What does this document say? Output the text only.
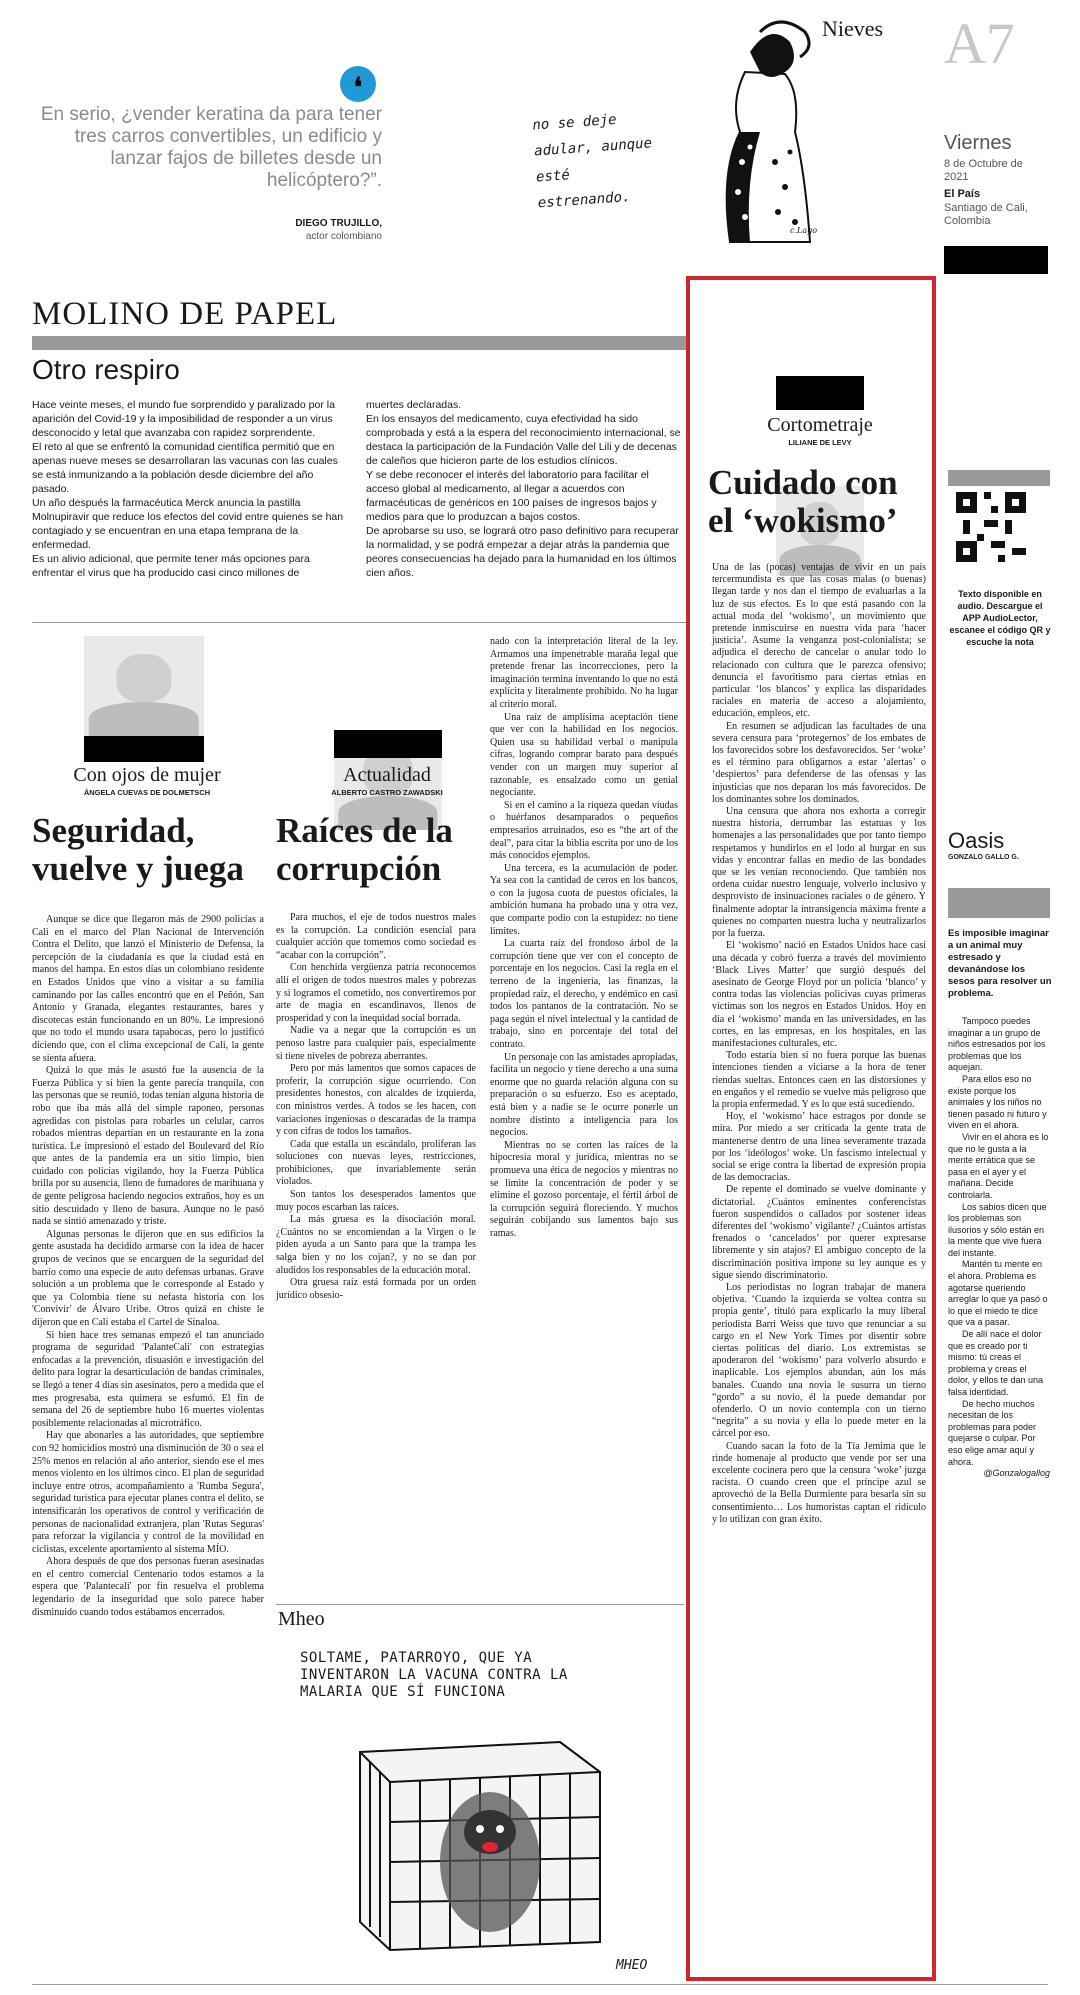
❛
En serio, ¿vender keratina da para tener tres carros convertibles, un edificio y lanzar fajos de billetes desde un helicóptero?”.
DIEGO TRUJILLO,
actor colombiano
Nieves
no se deje adular, aunque esté estrenando.
c.Lago
A7
Viernes
8 de Octubre de 2021
El País
Santiago de Cali, Colombia
MOLINO DE PAPEL
Otro respiro

Hace veinte meses, el mundo fue sorprendido y paralizado por la aparición del Covid-19 y la imposibilidad de responder a un virus desconocido y letal que avanzaba con rapidez sorprendente.

El reto al que se enfrentó la comunidad científica permitió que en apenas nueve meses se desarrollaran las vacunas con las cuales se está inmunizando a la población desde diciembre del año pasado.

Un año después la farmacéutica Merck anuncia la pastilla Molnupiravir que reduce los efectos del covid entre quienes se han contagiado y se encuentran en una etapa temprana de la enfermedad.

Es un alivio adicional, que permite tener más opciones para enfrentar el virus que ha producido casi cinco millones de

muertes declaradas.

En los ensayos del medicamento, cuya efectividad ha sido comprobada y está a la espera del reconocimiento internacional, se destaca la participación de la Fundación Valle del Lili y de decenas de caleños que hicieron parte de los estudios clínicos.

Y se debe reconocer el interés del laboratorio para facilitar el acceso global al medicamento, al llegar a acuerdos con farmacéuticas de genéricos en 100 países de ingresos bajos y medios para que lo produzcan a bajos costos.

De aprobarse su uso, se logrará otro paso definitivo para recuperar la normalidad, y se podrá empezar a dejar atrás la pandemia que peores consecuencias ha dejado para la humanidad en los últimos cien años.

Con ojos de mujer
ÁNGELA CUEVAS DE DOLMETSCH
Seguridad, vuelve y juega

Aunque se dice que llegaron más de 2900 policías a Cali en el marco del Plan Nacional de Intervención Contra el Delito, que lanzó el Ministerio de Defensa, la percepción de la ciudadanía es que la ciudad está en manos del hampa. En estos días un colombiano residente en Estados Unidos que vino a visitar a su familia caminando por las calles encontró que en el Peñón, San Antonio y Granada, elegantes restaurantes, bares y discotecas están funcionando en un 80%. Le impresionó que no todo el mundo usara tapabocas, pero lo justificó diciendo que, con el clima excepcional de Cali, la gente se sienta afuera.

Quizá lo que más le asustó fue la ausencia de la Fuerza Pública y sí bien la gente parecía tranquila, con las personas que se reunió, todas tenían alguna historia de robo que iba más allá del simple raponeo, personas agredidas con pistolas para robarles un celular, carros robados mientras departían en un restaurante en la zona turística. Le impresionó el estado del Boulevard del Río que antes de la pandemia era un sitio limpio, bien cuidado con policías vigilando, hoy la Fuerza Pública brilla por su ausencia, lleno de fumadores de marihuana y de gente peligrosa haciendo negocios extraños, hoy es un sitio descuidado y lleno de basura. Aunque no le pasó nada se sintió amenazado y triste.

Algunas personas le dijeron que en sus edificios la gente asustada ha decidido armarse con la idea de hacer grupos de vecinos que se encarguen de la seguridad del barrio como una especie de auto defensas urbanas. Grave solución a un problema que le corresponde al Estado y que ya Colombia tiene su nefasta historia con los 'Convivir' de Álvaro Uribe. Otros quizá en chiste le dijeron que en Cali estaba el Cartel de Sinaloa.

Si bien hace tres semanas empezó el tan anunciado programa de seguridad 'PalanteCali' con estrategias enfocadas a la prevención, disuasión e investigación del delito para lograr la desarticulación de bandas criminales, se llegó a tener 4 días sin asesinatos, pero a medida que el mes progresaba, esta quimera se esfumó. El fin de semana del 26 de septiembre hubo 16 muertes violentas posiblemente relacionadas al microtráfico.

Hay que abonarles a las autoridades, que septiembre con 92 homicidios mostró una disminución de 30 o sea el 25% menos en relación al año anterior, siendo ese el mes menos violento en los últimos cinco. El plan de seguridad incluye entre otros, acompañamiento a 'Rumba Segura', seguridad turística para ejecutar planes contra el delito, se intensificarán los operativos de control y verificación de personas de nacionalidad extranjera, plan 'Rutas Seguras' para reforzar la vigilancia y control de la movilidad en ciclistas, excelente aportamiento al sistema MÍO.

Ahora después de que dos personas fueran asesinadas en el centro comercial Centenario todos estamos a la espera que 'Palantecali' por fin resuelva el problema legendario de la inseguridad que solo parece haber disminuido cuando todos estábamos encerrados.

Actualidad
ALBERTO CASTRO ZAWADSKI
Raíces de la corrupción

Para muchos, el eje de todos nuestros males es la corrupción. La condición esencial para cualquier acción que tomemos como sociedad es “acabar con la corrupción”.

Con henchida vergüenza patria reconocemos allí el origen de todos nuestros males y pobrezas y si logramos el cometido, nos convertiremos por arte de magia en escandinavos, llenos de prosperidad y con la inequidad social borrada.

Nadie va a negar que la corrupción es un penoso lastre para cualquier país, especialmente si tiene niveles de pobreza aberrantes.

Pero por más lamentos que somos capaces de proferir, la corrupción sigue ocurriendo. Con presidentes honestos, con alcaldes de izquierda, con ministros verdes. A todos se les hacen, con variaciones ingeniosas o descaradas de la trampa y con cifras de todos los tamaños.

Cada que estalla un escándalo, proliferan las soluciones con nuevas leyes, restricciones, prohibiciones, que invariablemente serán violados.

Son tantos los desesperados lamentos que muy pocos escarban las raíces.

La más gruesa es la disociación moral. ¿Cuántos no se encomiendan a la Virgen o le piden ayuda a un Santo para que la trampa les salga bien y no los cojan?, y no se dan por aludidos los responsables de la educación moral.

Otra gruesa raíz está formada por un orden jurídico obsesio-

nado con la interpretación literal de la ley. Armamos una impenetrable maraña legal que pretende frenar las incorrecciones, pero la imaginación termina inventando lo que no está explícita y literalmente prohibido. No ha lugar al criterio moral.

Una raíz de amplísima aceptación tiene que ver con la habilidad en los negocios. Quien usa su habilidad verbal o manipula cifras, logrando comprar barato para después vender con un margen muy superior al razonable, es ensalzado como un genial negociante.

Si en el camino a la riqueza quedan viudas o huérfanos desamparados o pequeños empresarios arruinados, eso es “the art of the deal”, para citar la biblia escrita por uno de los más conocidos ejemplos.

Una tercera, es la acumulación de poder. Ya sea con la cantidad de ceros en los bancos, o con la jugosa cuota de puestos oficiales, la ambición humana ha probado una y otra vez, que comparte podio con la estupidez: no tiene límites.

La cuarta raíz del frondoso árbol de la corrupción tiene que ver con el concepto de porcentaje en los negocios. Casi la regla en el terreno de la ingeniería, las finanzas, la propiedad raíz, el derecho, y endémico en casi todos los pantanos de la contratación. No se paga según el nivel intelectual y la cantidad de trabajo, sino en porcentaje del total del contrato.

Un personaje con las amistades apropiadas, facilita un negocio y tiene derecho a una suma enorme que no guarda relación alguna con su preparación o su esfuerzo. Eso es aceptado, está bien y a nadie se le ocurre ponerle un nombre distinto a inteligencia para los negocios.

Mientras no se corten las raíces de la hipocresía moral y jurídica, mientras no se promueva una ética de negocios y mientras no se limite la concentración de poder y se elimine el gozoso porcentaje, el fértil árbol de la corrupción seguirá floreciendo. Y muchos seguirán cobijando sus lamentos bajo sus ramas.

Mheo
SOLTAME, PATARROYO, QUE YA INVENTARON LA VACUNA CONTRA LA MALARIA QUE SÍ FUNCIONA
MHEO
Cortometraje
LILIANE DE LEVY
Cuidado con el ‘wokismo’

Una de las (pocas) ventajas de vivir en un país tercermundista es que las cosas malas (o buenas) llegan tarde y nos dan el tiempo de evaluarlas a la luz de sus efectos. Es lo que está pasando con la actual moda del ‘wokismo’, un movimiento que pretende inmiscuirse en nuestra vida para ‘hacer justicia’. Asume la venganza post-colonialista; se adjudica el derecho de cancelar o anular todo lo relacionado con cultura que le parezca ofensivo; denuncia el favoritismo para ciertas etnias en particular ‘los blancos’ y explica las disparidades raciales en materia de acceso a alojamiento, educación, empleos, etc.

En resumen se adjudican las facultades de una severa censura para ‘protegernos’ de los embates de los favorecidos sobre los desfavorecidos. Ser ‘woke’ es el término para obligarnos a estar ‘alertas’ o ‘despiertos’ para defenderse de las ofensas y las injusticias que nos deparan los más favorecidos. De los dominantes sobre los dominados.

Una censura que ahora nos exhorta a corregir nuestra historia, derrumbar las estatuas y los homenajes a las personalidades que por tanto tiempo respetamos y hundirlos en el lodo al hurgar en sus vidas y encontrar fallas en medio de las bondades que se les venían reconociendo. Que también nos ordena cuidar nuestro lenguaje, volverlo inclusivo y desprovisto de insinuaciones raciales o de género. Y finalmente adoptar la intransigencia máxima frente a quienes no comparten nuestra lucha y neutralizarlos por la fuerza.

El ‘wokismo’ nació en Estados Unidos hace casi una década y cobró fuerza a través del movimiento ‘Black Lives Matter’ que surgió después del asesinato de George Floyd por un policía ‘blanco’ y contra todas las violencias policivas cuyas primeras víctimas son los negros en Estados Unidos. Hoy en día el ‘wokismo’ manda en las universidades, en las cortes, en las empresas, en los hospitales, en las manifestaciones culturales, etc.

Todo estaría bien si no fuera porque las buenas intenciones tienden a viciarse a la hora de tener riendas sueltas. Entonces caen en las distorsiones y en engaños y el remedio se vuelve más peligroso que la propia enfermedad. Y es lo que está sucediendo.

Hoy, el ‘wokismo’ hace estragos por donde se mira. Por miedo a ser criticada la gente trata de mantenerse dentro de una línea severamente trazada por los ‘ideólogos’ woke. Un fascismo intelectual y social se erige contra la libertad de expresión propia de las democracias.

De repente el dominado se vuelve dominante y dictatorial. ¿Cuántos eminentes conferencistas fueron suspendidos o callados por sostener ideas diferentes del ‘wokismo’ vigilante? ¿Cuántos artistas frenados o ‘cancelados’ por querer expresarse libremente y sin atajos? El ambiguo concepto de la discriminación positiva impone su ley aunque es y sigue siendo discriminatorio.

Los periodistas no logran trabajar de manera objetiva. ‘Cuando la izquierda se voltea contra su propia gente’, tituló para explicarlo la muy liberal periodista Barri Weiss que tuvo que renunciar a su cargo en el New York Times por disentir sobre ciertas políticas del diario. Los extremistas se apoderaron del ‘wokismo’ para volverlo absurdo e inaplicable. Los ejemplos abundan, aún los más banales. Cuando una novia le susurra un tierno “gordo” a su novio, él la puede demandar por ofenderlo. O un novio contempla con un tierno “negrita” a su novia y ella lo puede meter en la cárcel por eso.

Cuando sacan la foto de la Tía Jemima que le rinde homenaje al producto que vende por ser una excelente cocinera pero que la censura ‘woke’ juzga racista. O cuando creen que el príncipe azul se aprovechó de la Bella Durmiente para besarla sin su consentimiento… Los humoristas captan el ridículo y lo utilizan con gran éxito.

Texto disponible en audio. Descargue el APP AudioLector, escanee el código QR y escuche la nota
Oasis
GONZALO GALLO G.
Es imposible imaginar a un animal muy estresado y devanándose los sesos para resolver un problema.

Tampoco puedes imaginar a un grupo de niños estresados por los problemas que los aquejan.

Para ellos eso no existe porque los animales y los niños no tienen pasado ni futuro y viven en el ahora.

Vivir en el ahora es lo que no le gusta a la mente errática que se pasa en el ayer y el mañana. Decide controlarla.

Los sabios dicen que los problemas son ilusorios y sólo están en la mente que vive fuera del instante.

Mantén tu mente en el ahora. Problema es agotarse queriendo arreglar lo que ya pasó o lo que el miedo te dice que va a pasar.

De allí nace el dolor que es creado por ti mismo: tú creas el problema y creas el dolor, y ellos te dan una falsa identidad.

De hecho muchos necesitan de los problemas para poder quejarse o culpar. Por eso elige amar aquí y ahora.

@Gonzalogallog
